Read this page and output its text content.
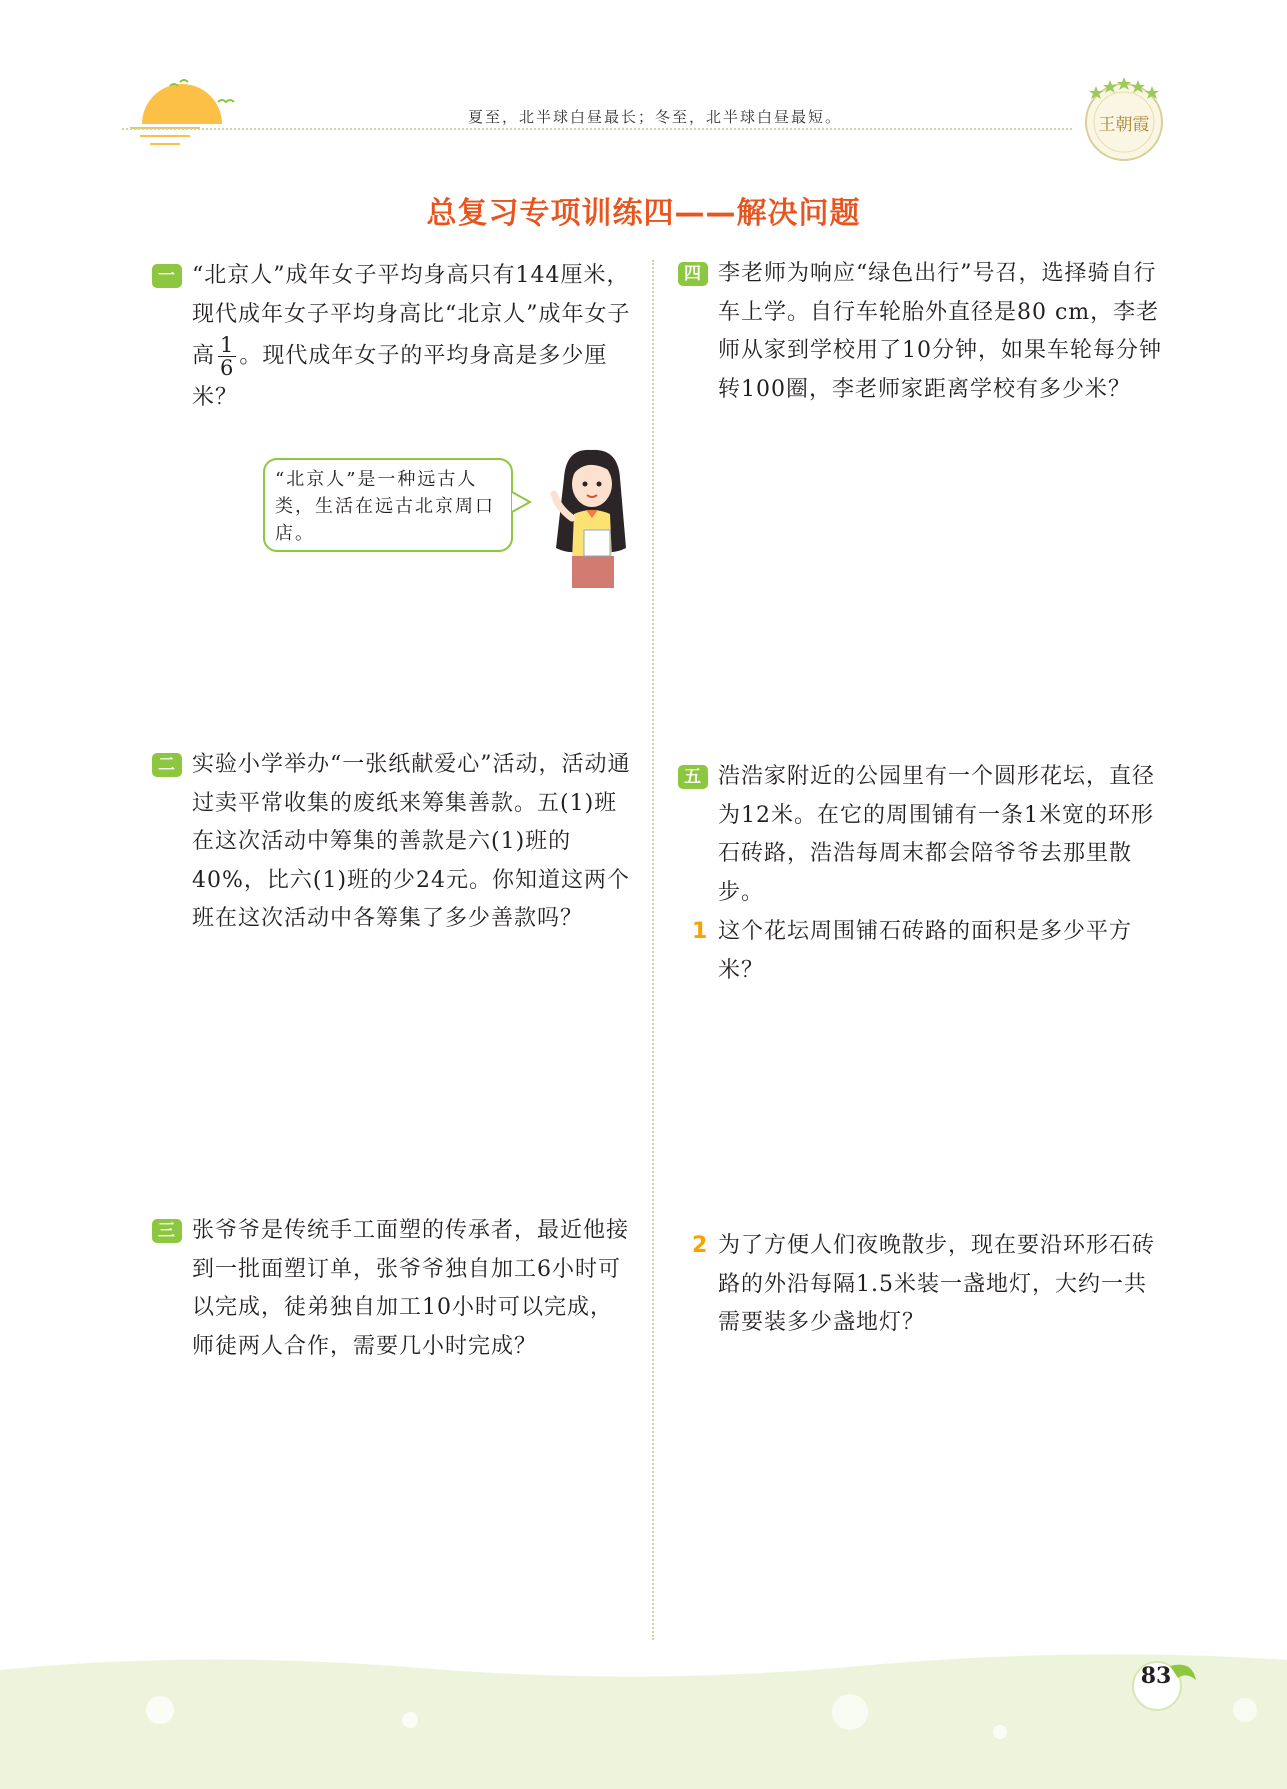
夏至，北半球白昼最长；冬至，北半球白昼最短。	王朝霞
总复习专项训练四——解决问题
一 “北京人”成年女子平均身高只有144厘米，现代成年女子平均身高比“北京人”成年女子高 $\frac{1}{6}$ 。现代成年女子的平均身高是多少厘米？
“北京人”是一种远古人类，生活在远古北京周口店。
二 实验小学举办“一张纸献爱心”活动，活动通过卖平常收集的废纸来筹集善款。五(1)班在这次活动中筹集的善款是六(1)班的40%，比六(1)班的少24元。你知道这两个班在这次活动中各筹集了多少善款吗？
三 张爷爷是传统手工面塑的传承者，最近他接到一批面塑订单，张爷爷独自加工6小时可以完成，徒弟独自加工10小时可以完成，师徒两人合作，需要几小时完成？
四 李老师为响应“绿色出行”号召，选择骑自行车上学。自行车轮胎外直径是80 cm，李老师从家到学校用了10分钟，如果车轮每分钟转100圈，李老师家距离学校有多少米？
五 浩浩家附近的公园里有一个圆形花坛，直径为12米。在它的周围铺有一条1米宽的环形石砖路，浩浩每周末都会陪爷爷去那里散步。
1 这个花坛周围铺石砖路的面积是多少平方米？
2 为了方便人们夜晚散步，现在要沿环形石砖路的外沿每隔1.5米装一盏地灯，大约一共需要装多少盏地灯？
83
